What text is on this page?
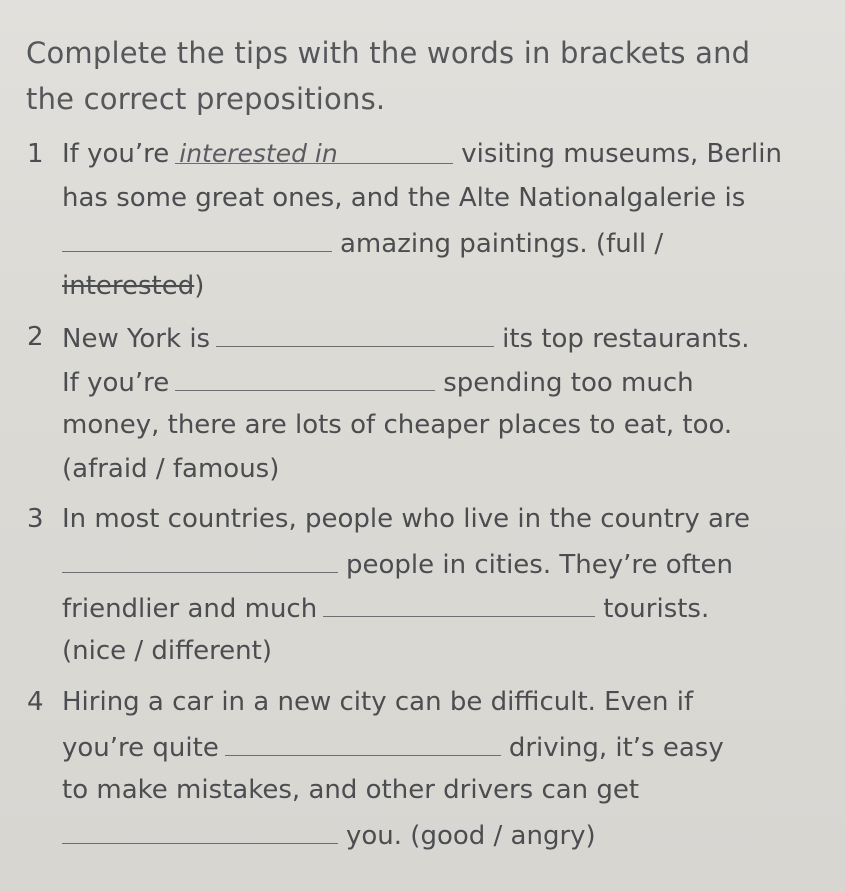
Complete the tips with the words in brackets and
the correct prepositions.
1 If you’re interested in	visiting museums, Berlin
has some great ones, and the Alte Nationalgalerie is
amazing paintings. (full /
interested)
2 New York is	its top restaurants.
If you’re	spending too much
money, there are lots of cheaper places to eat, too.
(afraid / famous)
3 In most countries, people who live in the country are
people in cities. They’re often
friendlier and much	tourists.
(nice / different)
4 Hiring a car in a new city can be difficult. Even if
you’re quite	driving, it’s easy
to make mistakes, and other drivers can get
you. (good / angry)
